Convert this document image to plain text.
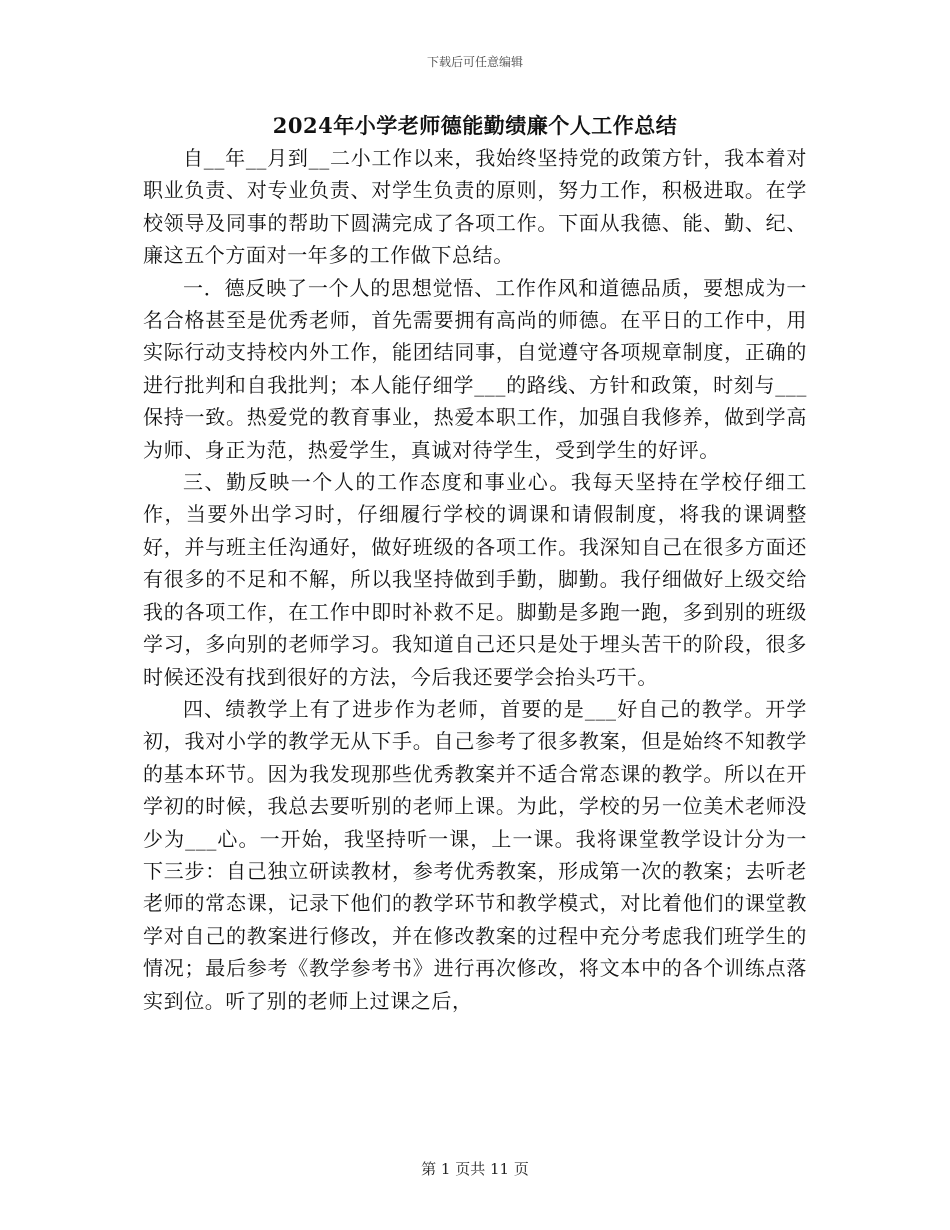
下载后可任意编辑
2024年小学老师德能勤绩廉个人工作总结

自__年__月到__二小工作以来，我始终坚持党的政策方针，我本着对职业负责、对专业负责、对学生负责的原则，努力工作，积极进取。在学校领导及同事的帮助下圆满完成了各项工作。下面从我德、能、勤、纪、廉这五个方面对一年多的工作做下总结。

一．德反映了一个人的思想觉悟、工作作风和道德品质，要想成为一名合格甚至是优秀老师，首先需要拥有高尚的师德。在平日的工作中，用实际行动支持校内外工作，能团结同事，自觉遵守各项规章制度，正确的进行批判和自我批判；本人能仔细学___的路线、方针和政策，时刻与___保持一致。热爱党的教育事业，热爱本职工作，加强自我修养，做到学高为师、身正为范，热爱学生，真诚对待学生，受到学生的好评。

三、勤反映一个人的工作态度和事业心。我每天坚持在学校仔细工作，当要外出学习时，仔细履行学校的调课和请假制度，将我的课调整好，并与班主任沟通好，做好班级的各项工作。我深知自己在很多方面还有很多的不足和不解，所以我坚持做到手勤，脚勤。我仔细做好上级交给我的各项工作，在工作中即时补救不足。脚勤是多跑一跑，多到别的班级学习，多向别的老师学习。我知道自己还只是处于埋头苦干的阶段，很多时候还没有找到很好的方法，今后我还要学会抬头巧干。

四、绩教学上有了进步作为老师，首要的是___好自己的教学。开学初，我对小学的教学无从下手。自己参考了很多教案，但是始终不知教学的基本环节。因为我发现那些优秀教案并不适合常态课的教学。所以在开学初的时候，我总去要听别的老师上课。为此，学校的另一位美术老师没少为___心。一开始，我坚持听一课，上一课。我将课堂教学设计分为一下三步：自己独立研读教材，参考优秀教案，形成第一次的教案；去听老老师的常态课，记录下他们的教学环节和教学模式，对比着他们的课堂教学对自己的教案进行修改，并在修改教案的过程中充分考虑我们班学生的情况；最后参考《教学参考书》进行再次修改，将文本中的各个训练点落实到位。听了别的老师上过课之后，

第 1 页共 11 页
